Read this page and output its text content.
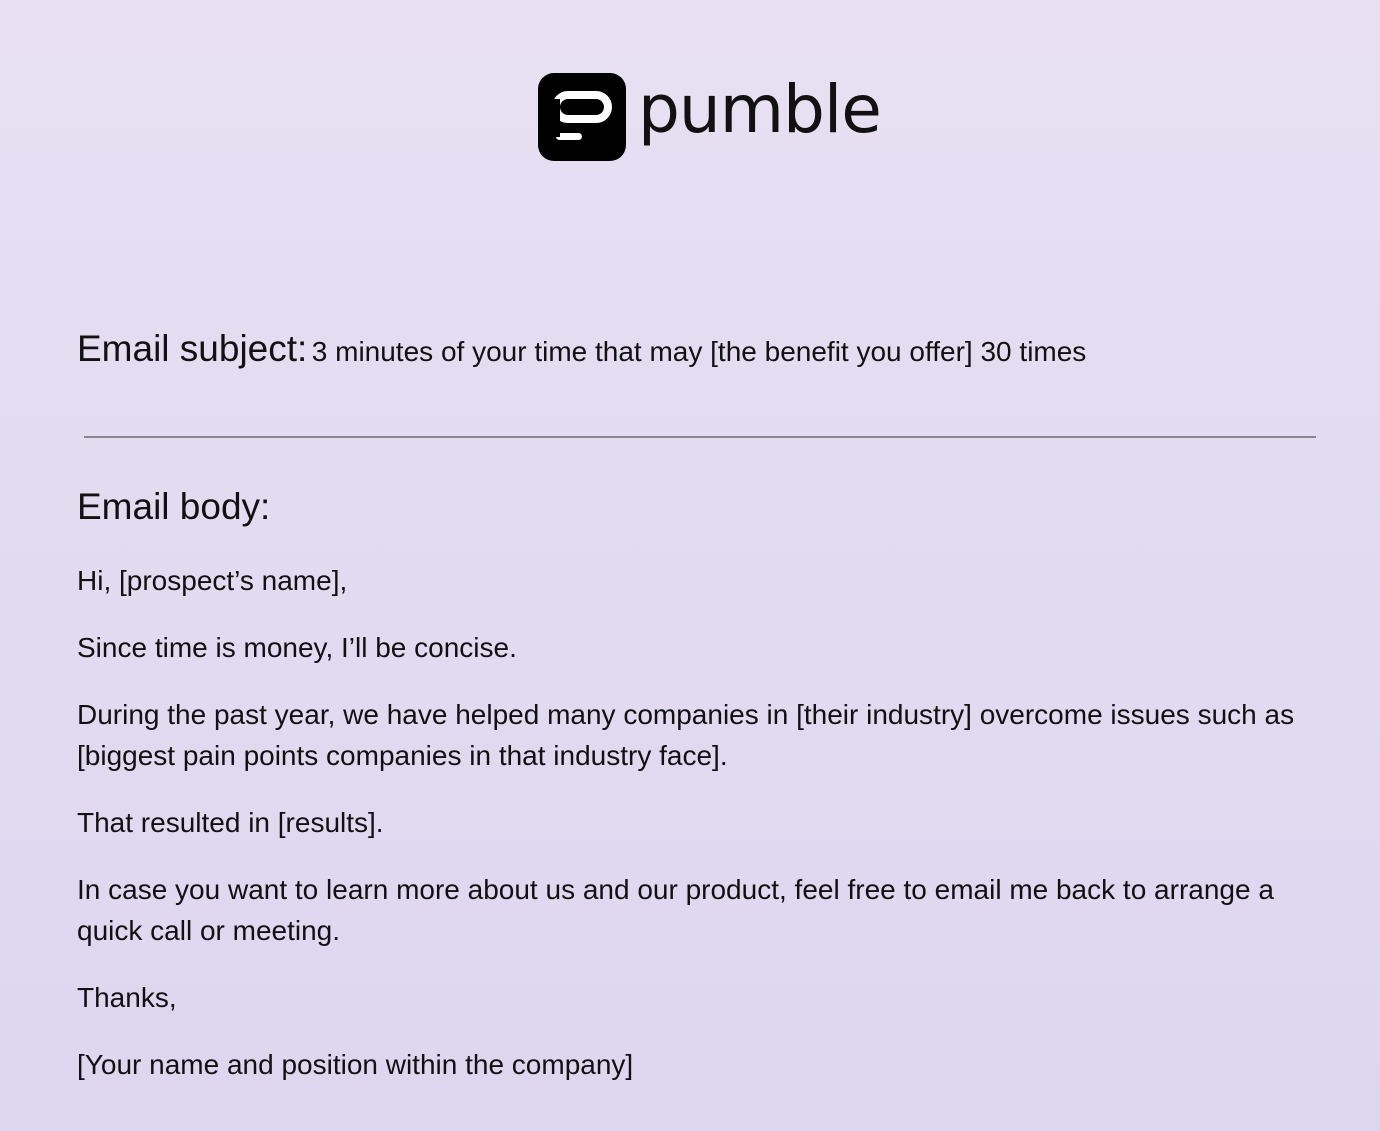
pumble
Email subject: 3 minutes of your time that may [the benefit you offer] 30 times
Email body:
Hi, [prospect’s name],
Since time is money, I’ll be concise.
During the past year, we have helped many companies in [their industry] overcome issues such as [biggest pain points companies in that industry face].
That resulted in [results].
In case you want to learn more about us and our product, feel free to email me back to arrange a quick call or meeting.
Thanks,
[Your name and position within the company]
